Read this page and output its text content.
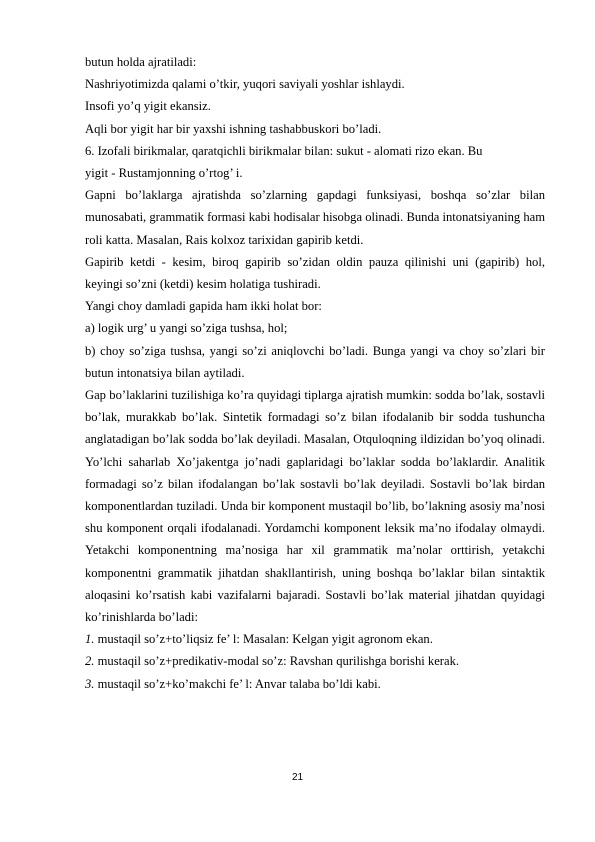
butun holda ajratiladi:

Nashriyotimizda qalami o’tkir, yuqori saviyali yoshlar ishlaydi.

Insofi yo’q yigit ekansiz.

Aqli bor yigit har bir yaxshi ishning tashabbuskori bo’ladi.

6. Izofali birikmalar, qaratqichli birikmalar bilan: sukut - alomati rizo ekan. Bu

yigit - Rustamjonning o’rtog’ i.

Gapni bo’laklarga ajratishda so’zlarning gapdagi funksiyasi, boshqa so’zlar bilan munosabati, grammatik formasi kabi hodisalar hisobga olinadi. Bunda intonatsiyaning ham roli katta. Masalan, Rais kolxoz tarixidan gapirib ketdi.

Gapirib ketdi - kesim, biroq gapirib so’zidan oldin pauza qilinishi uni (gapirib) hol, keyingi so’zni (ketdi) kesim holatiga tushiradi.

Yangi choy damladi gapida ham ikki holat bor:

a) logik urg’ u yangi so’ziga tushsa, hol;

b) choy so’ziga tushsa, yangi so’zi aniqlovchi bo’ladi. Bunga yangi va choy so’zlari bir butun intonatsiya bilan aytiladi.

Gap bo’laklarini tuzilishiga ko’ra quyidagi tiplarga ajratish mumkin: sodda bo’lak, sostavli bo’lak, murakkab bo’lak. Sintetik formadagi so’z bilan ifodalanib bir sodda tushuncha anglatadigan bo’lak sodda bo’lak deyiladi. Masalan, Otquloqning ildizidan bo’yoq olinadi. Yo’lchi saharlab Xo’jakentga jo’nadi gaplaridagi bo’laklar sodda bo’laklardir. Analitik formadagi so’z bilan ifodalangan bo’lak sostavli bo’lak deyiladi. Sostavli bo’lak birdan komponentlardan tuziladi. Unda bir komponent mustaqil bo’lib, bo’lakning asosiy ma’nosi shu komponent orqali ifodalanadi. Yordamchi komponent leksik ma’no ifodalay olmaydi. Yetakchi komponentning ma’nosiga har xil grammatik ma’nolar orttirish, yetakchi komponentni grammatik jihatdan shakllantirish, uning boshqa bo’laklar bilan sintaktik aloqasini ko’rsatish kabi vazifalarni bajaradi. Sostavli bo’lak material jihatdan quyidagi ko’rinishlarda bo’ladi:

1. mustaqil so’z+to’liqsiz fe’ l: Masalan: Kelgan yigit agronom ekan.

2. mustaqil so’z+predikativ-modal so’z: Ravshan qurilishga borishi kerak.

3. mustaqil so’z+ko’makchi fe’ l: Anvar talaba bo’ldi kabi.

21
